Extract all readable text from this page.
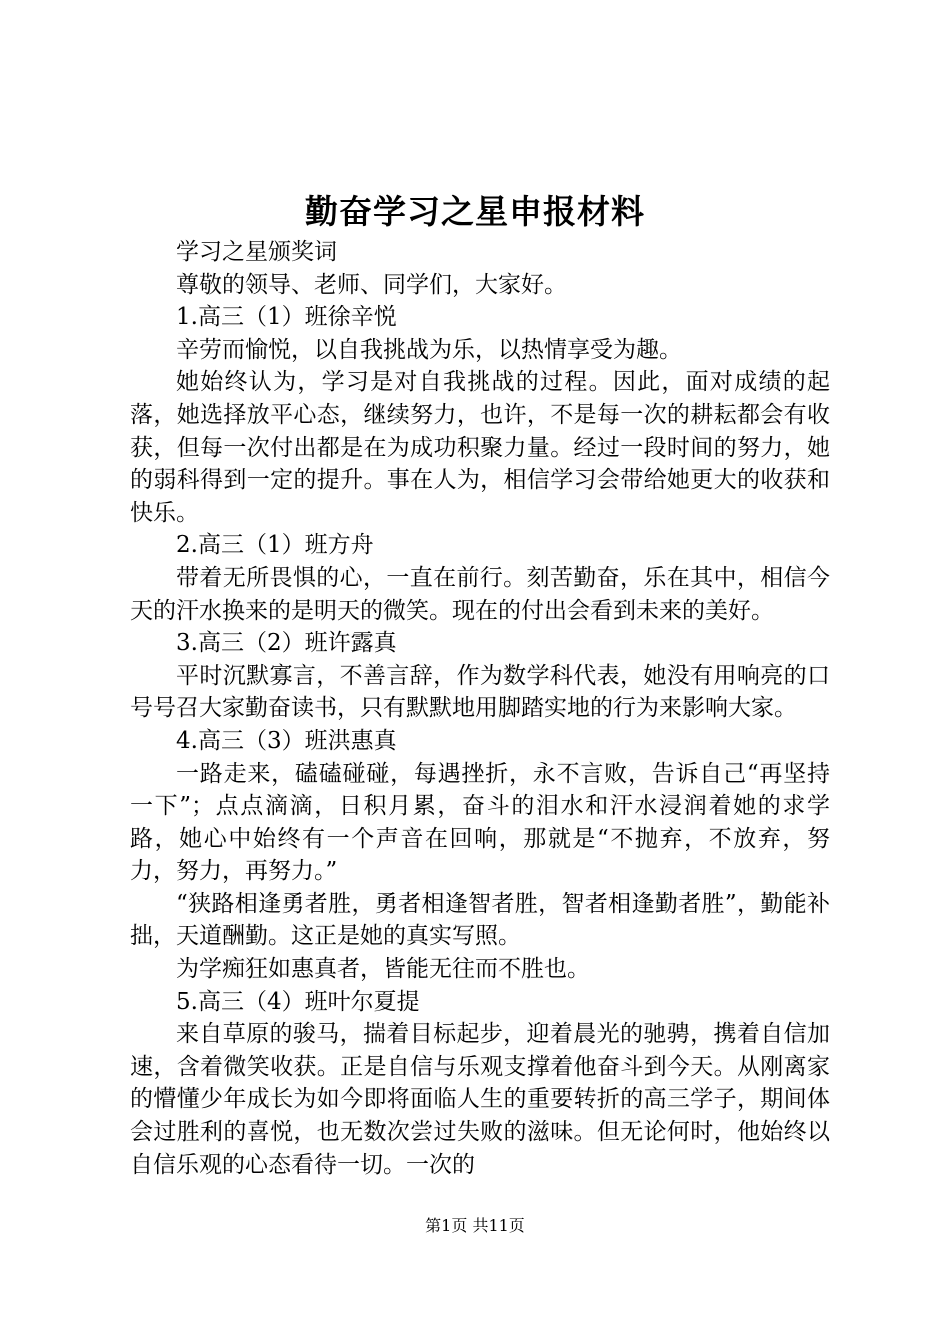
勤奋学习之星申报材料

学习之星颁奖词

尊敬的领导、老师、同学们，大家好。

1.高三（1）班徐辛悦

辛劳而愉悦，以自我挑战为乐，以热情享受为趣。

她始终认为，学习是对自我挑战的过程。因此，面对成绩的起落，她选择放平心态，继续努力，也许，不是每一次的耕耘都会有收获，但每一次付出都是在为成功积聚力量。经过一段时间的努力，她的弱科得到一定的提升。事在人为，相信学习会带给她更大的收获和快乐。

2.高三（1）班方舟

带着无所畏惧的心，一直在前行。刻苦勤奋，乐在其中，相信今天的汗水换来的是明天的微笑。现在的付出会看到未来的美好。

3.高三（2）班许露真

平时沉默寡言，不善言辞，作为数学科代表，她没有用响亮的口号号召大家勤奋读书，只有默默地用脚踏实地的行为来影响大家。

4.高三（3）班洪惠真

一路走来，磕磕碰碰，每遇挫折，永不言败，告诉自己“再坚持一下”；点点滴滴，日积月累，奋斗的泪水和汗水浸润着她的求学路，她心中始终有一个声音在回响，那就是“不抛弃，不放弃，努力，努力，再努力。”

“狭路相逢勇者胜，勇者相逢智者胜，智者相逢勤者胜”，勤能补拙，天道酬勤。这正是她的真实写照。

为学痴狂如惠真者，皆能无往而不胜也。

5.高三（4）班叶尔夏提

来自草原的骏马，揣着目标起步，迎着晨光的驰骋，携着自信加速，含着微笑收获。正是自信与乐观支撑着他奋斗到今天。从刚离家的懵懂少年成长为如今即将面临人生的重要转折的高三学子，期间体会过胜利的喜悦，也无数次尝过失败的滋味。但无论何时，他始终以自信乐观的心态看待一切。一次的

第1页 共11页
